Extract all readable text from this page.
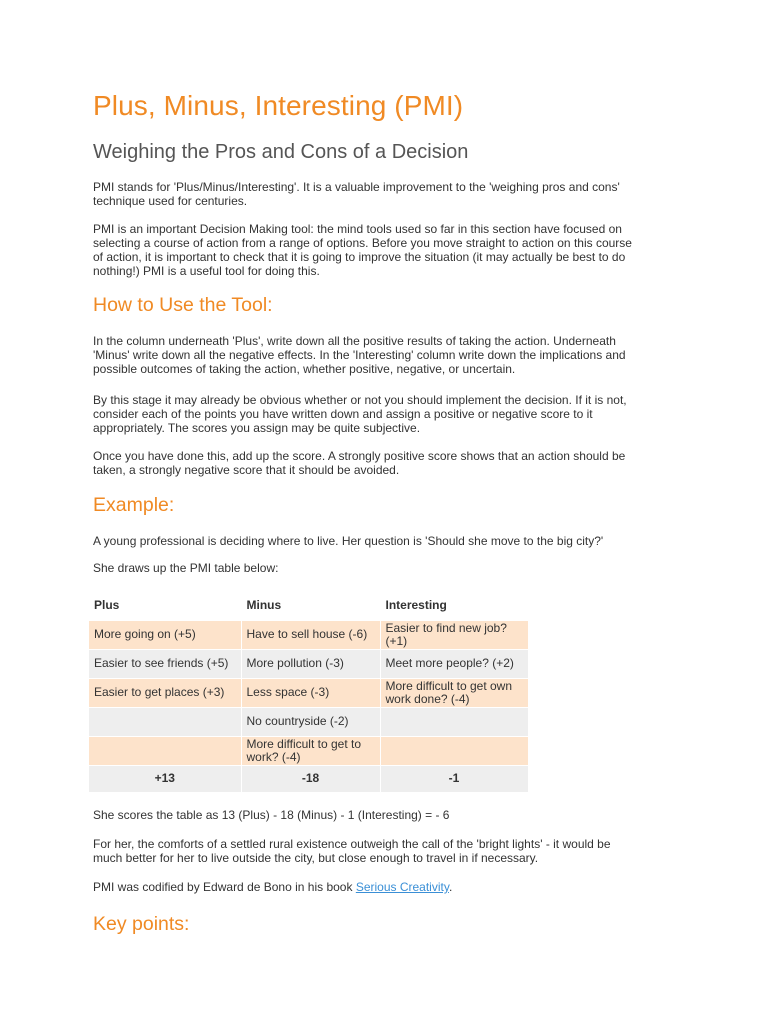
Plus, Minus, Interesting (PMI)
Weighing the Pros and Cons of a Decision
PMI stands for 'Plus/Minus/Interesting'. It is a valuable improvement to the 'weighing pros and cons'
technique used for centuries.
PMI is an important Decision Making tool: the mind tools used so far in this section have focused on
selecting a course of action from a range of options. Before you move straight to action on this course
of action, it is important to check that it is going to improve the situation (it may actually be best to do
nothing!) PMI is a useful tool for doing this.
How to Use the Tool:
In the column underneath 'Plus', write down all the positive results of taking the action. Underneath
'Minus' write down all the negative effects. In the 'Interesting' column write down the implications and
possible outcomes of taking the action, whether positive, negative, or uncertain.
By this stage it may already be obvious whether or not you should implement the decision. If it is not,
consider each of the points you have written down and assign a positive or negative score to it
appropriately. The scores you assign may be quite subjective.
Once you have done this, add up the score. A strongly positive score shows that an action should be
taken, a strongly negative score that it should be avoided.
Example:
A young professional is deciding where to live. Her question is 'Should she move to the big city?'
She draws up the PMI table below:
Plus	Minus	Interesting
More going on (+5)	Have to sell house (-6)	Easier to find new job? (+1)
Easier to see friends (+5)	More pollution (-3)	Meet more people? (+2)
Easier to get places (+3)	Less space (-3)	More difficult to get own work done? (-4)
	No countryside (-2)	
	More difficult to get to work? (-4)	
+13	-18	-1
She scores the table as 13 (Plus) - 18 (Minus) - 1 (Interesting) = - 6
For her, the comforts of a settled rural existence outweigh the call of the 'bright lights' - it would be
much better for her to live outside the city, but close enough to travel in if necessary.
PMI was codified by Edward de Bono in his book Serious Creativity.
Key points:
